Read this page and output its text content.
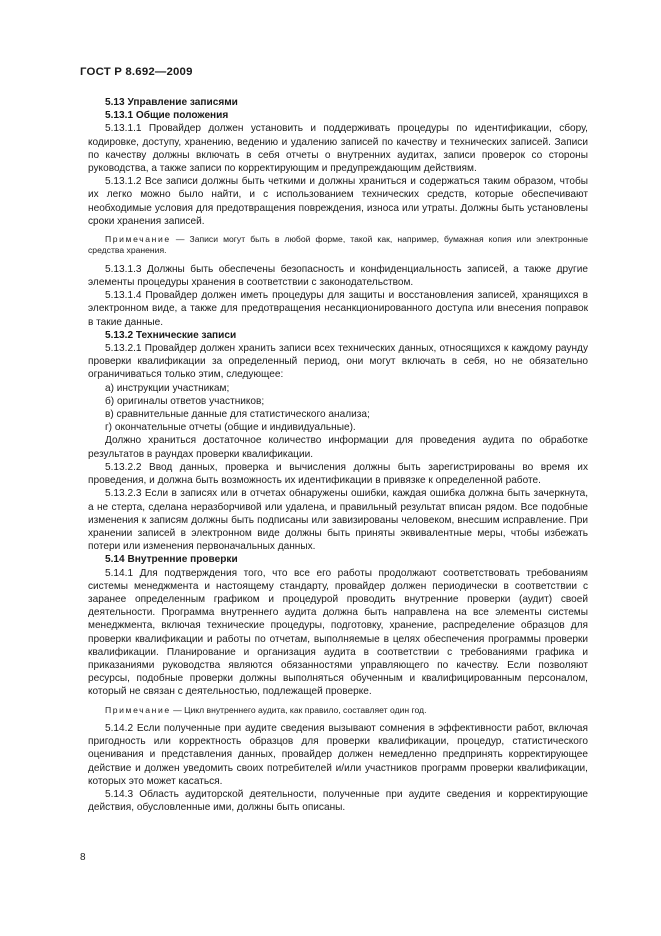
ГОСТ Р 8.692—2009

5.13 Управление записями

5.13.1 Общие положения

5.13.1.1 Провайдер должен установить и поддерживать процедуры по идентификации, сбору, кодировке, доступу, хранению, ведению и удалению записей по качеству и технических записей. Записи по качеству должны включать в себя отчеты о внутренних аудитах, записи проверок со стороны руководства, а также записи по корректирующим и предупреждающим действиям.

5.13.1.2 Все записи должны быть четкими и должны храниться и содержаться таким образом, чтобы их легко можно было найти, и с использованием технических средств, которые обеспечивают необходимые условия для предотвращения повреждения, износа или утраты. Должны быть установлены сроки хранения записей.

Примечание — Записи могут быть в любой форме, такой как, например, бумажная копия или электронные средства хранения.

5.13.1.3 Должны быть обеспечены безопасность и конфиденциальность записей, а также другие элементы процедуры хранения в соответствии с законодательством.

5.13.1.4 Провайдер должен иметь процедуры для защиты и восстановления записей, хранящихся в электронном виде, а также для предотвращения несанкционированного доступа или внесения поправок в такие данные.

5.13.2 Технические записи

5.13.2.1 Провайдер должен хранить записи всех технических данных, относящихся к каждому раунду проверки квалификации за определенный период, они могут включать в себя, но не обязательно ограничиваться только этим, следующее:

а) инструкции участникам;

б) оригиналы ответов участников;

в) сравнительные данные для статистического анализа;

г) окончательные отчеты (общие и индивидуальные).

Должно храниться достаточное количество информации для проведения аудита по обработке результатов в раундах проверки квалификации.

5.13.2.2 Ввод данных, проверка и вычисления должны быть зарегистрированы во время их проведения, и должна быть возможность их идентификации в привязке к определенной работе.

5.13.2.3 Если в записях или в отчетах обнаружены ошибки, каждая ошибка должна быть зачеркнута, а не стерта, сделана неразборчивой или удалена, и правильный результат вписан рядом. Все подобные изменения к записям должны быть подписаны или завизированы человеком, внесшим исправление. При хранении записей в электронном виде должны быть приняты эквивалентные меры, чтобы избежать потери или изменения первоначальных данных.

5.14 Внутренние проверки

5.14.1 Для подтверждения того, что все его работы продолжают соответствовать требованиям системы менеджмента и настоящему стандарту, провайдер должен периодически в соответствии с заранее определенным графиком и процедурой проводить внутренние проверки (аудит) своей деятельности. Программа внутреннего аудита должна быть направлена на все элементы системы менеджмента, включая технические процедуры, подготовку, хранение, распределение образцов для проверки квалификации и работы по отчетам, выполняемые в целях обеспечения программы проверки квалификации. Планирование и организация аудита в соответствии с требованиями графика и приказаниями руководства являются обязанностями управляющего по качеству. Если позволяют ресурсы, подобные проверки должны выполняться обученным и квалифицированным персоналом, который не связан с деятельностью, подлежащей проверке.

Примечание — Цикл внутреннего аудита, как правило, составляет один год.

5.14.2 Если полученные при аудите сведения вызывают сомнения в эффективности работ, включая пригодность или корректность образцов для проверки квалификации, процедур, статистического оценивания и представления данных, провайдер должен немедленно предпринять корректирующее действие и должен уведомить своих потребителей и/или участников программ проверки квалификации, которых это может касаться.

5.14.3 Область аудиторской деятельности, полученные при аудите сведения и корректирующие действия, обусловленные ими, должны быть описаны.

8
